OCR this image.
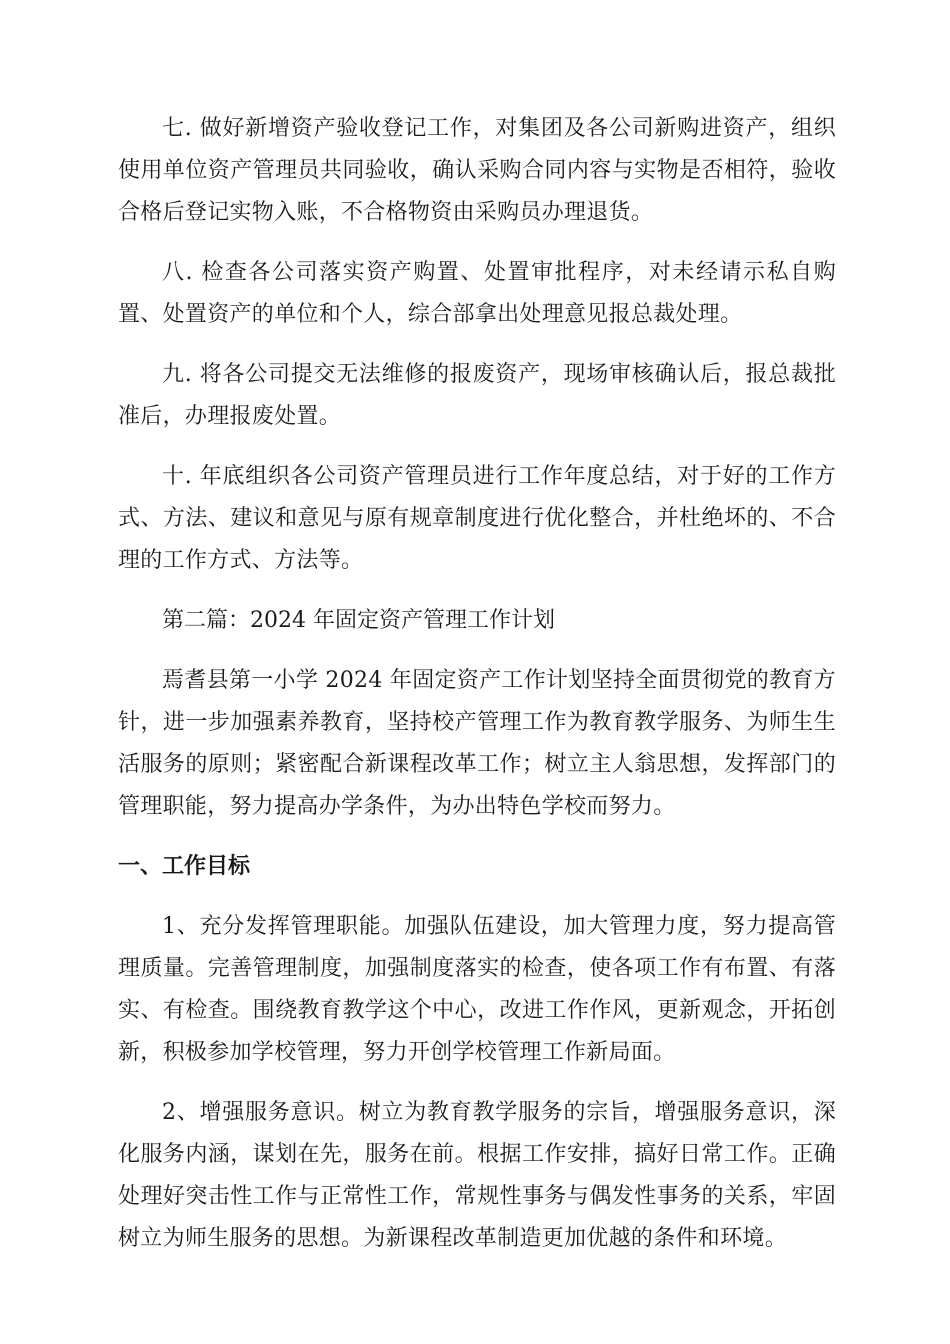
七. 做好新增资产验收登记工作，对集团及各公司新购进资产，组织使用单位资产管理员共同验收，确认采购合同内容与实物是否相符，验收合格后登记实物入账，不合格物资由采购员办理退货。

八. 检查各公司落实资产购置、处置审批程序，对未经请示私自购置、处置资产的单位和个人，综合部拿出处理意见报总裁处理。

九. 将各公司提交无法维修的报废资产，现场审核确认后，报总裁批准后，办理报废处置。

十. 年底组织各公司资产管理员进行工作年度总结，对于好的工作方式、方法、建议和意见与原有规章制度进行优化整合，并杜绝坏的、不合理的工作方式、方法等。

第二篇：2024 年固定资产管理工作计划

焉耆县第一小学 2024 年固定资产工作计划坚持全面贯彻党的教育方针，进一步加强素养教育，坚持校产管理工作为教育教学服务、为师生生活服务的原则；紧密配合新课程改革工作；树立主人翁思想，发挥部门的管理职能，努力提高办学条件，为办出特色学校而努力。

一、工作目标

1、充分发挥管理职能。加强队伍建设，加大管理力度，努力提高管理质量。完善管理制度，加强制度落实的检查，使各项工作有布置、有落实、有检查。围绕教育教学这个中心，改进工作作风，更新观念，开拓创新，积极参加学校管理，努力开创学校管理工作新局面。

2、增强服务意识。树立为教育教学服务的宗旨，增强服务意识，深化服务内涵，谋划在先，服务在前。根据工作安排，搞好日常工作。正确处理好突击性工作与正常性工作，常规性事务与偶发性事务的关系，牢固树立为师生服务的思想。为新课程改革制造更加优越的条件和环境。
